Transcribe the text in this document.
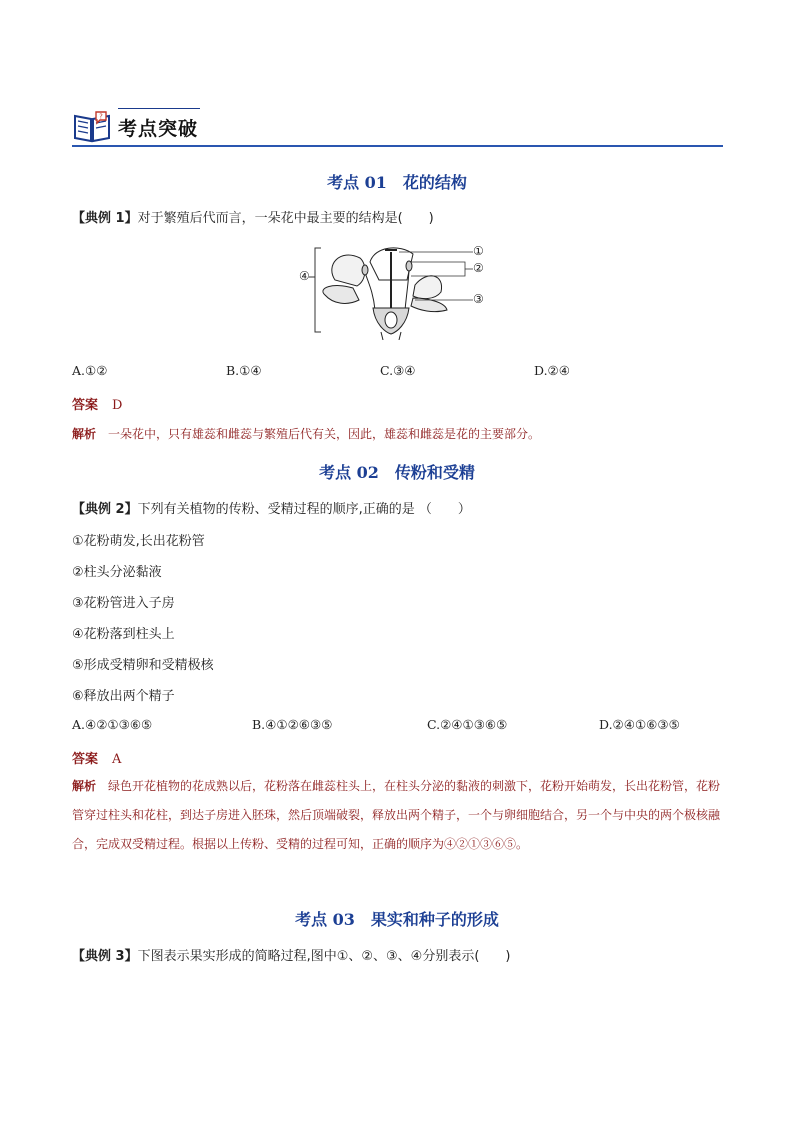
?
考点突破
考点 01　花的结构
【典例 1】对于繁殖后代而言，一朵花中最主要的结构是(　　)
①
②
③
④
A.①②	B.①④	C.③④	D.②④
答案 D
解析 一朵花中，只有雄蕊和雌蕊与繁殖后代有关，因此，雄蕊和雌蕊是花的主要部分。
考点 02　传粉和受精
【典例 2】下列有关植物的传粉、受精过程的顺序,正确的是 （　　）
①花粉萌发,长出花粉管
②柱头分泌黏液
③花粉管进入子房
④花粉落到柱头上
⑤形成受精卵和受精极核
⑥释放出两个精子
A.④②①③⑥⑤	B.④①②⑥③⑤	C.②④①③⑥⑤	D.②④①⑥③⑤
答案 A
解析 绿色开花植物的花成熟以后，花粉落在雌蕊柱头上，在柱头分泌的黏液的刺激下，花粉开始萌发，长出花粉管，花粉管穿过柱头和花柱，到达子房进入胚珠，然后顶端破裂，释放出两个精子，一个与卵细胞结合，另一个与中央的两个极核融合，完成双受精过程。根据以上传粉、受精的过程可知，正确的顺序为④②①③⑥⑤。
考点 03　果实和种子的形成
【典例 3】下图表示果实形成的简略过程,图中①、②、③、④分别表示(　　)
